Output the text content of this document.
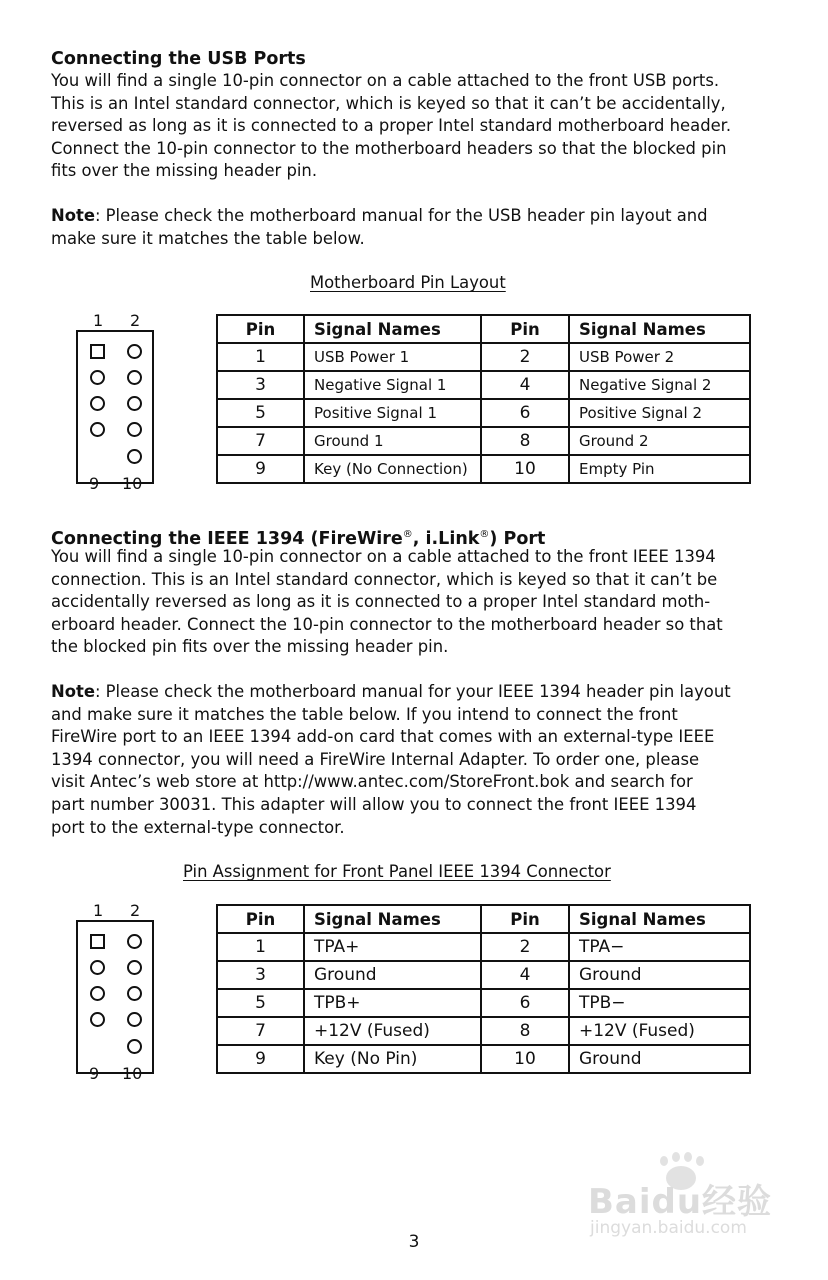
Connecting the USB Ports

You will find a single 10-pin connector on a cable attached to the front USB ports.

This is an Intel standard connector, which is keyed so that it can’t be accidentally,

reversed as long as it is connected to a proper Intel standard motherboard header.

Connect the 10-pin connector to the motherboard headers so that the blocked pin

fits over the missing header pin.

Note: Please check the motherboard manual for the USB header pin layout and

make sure it matches the table below.

Motherboard Pin Layout
1 2
9 10
Pin	Signal Names	Pin	Signal Names
1	USB Power 1	2	USB Power 2
3	Negative Signal 1	4	Negative Signal 2
5	Positive Signal 1	6	Positive Signal 2
7	Ground 1	8	Ground 2
9	Key (No Connection)	10	Empty Pin
Connecting the IEEE 1394 (FireWire®, i.Link®) Port

You will find a single 10-pin connector on a cable attached to the front IEEE 1394

connection. This is an Intel standard connector, which is keyed so that it can’t be

accidentally reversed as long as it is connected to a proper Intel standard moth-

erboard header. Connect the 10-pin connector to the motherboard header so that

the blocked pin fits over the missing header pin.

Note: Please check the motherboard manual for your IEEE 1394 header pin layout

and make sure it matches the table below. If you intend to connect the front

FireWire port to an IEEE 1394 add-on card that comes with an external-type IEEE

1394 connector, you will need a FireWire Internal Adapter. To order one, please

visit Antec’s web store at http://www.antec.com/StoreFront.bok and search for

part number 30031. This adapter will allow you to connect the front IEEE 1394

port to the external-type connector.

Pin Assignment for Front Panel IEEE 1394 Connector
1 2
9 10
Pin	Signal Names	Pin	Signal Names
1	TPA+	2	TPA−
3	Ground	4	Ground
5	TPB+	6	TPB−
7	+12V (Fused)	8	+12V (Fused)
9	Key (No Pin)	10	Ground
Baidu经验
jingyan.baidu.com
3
